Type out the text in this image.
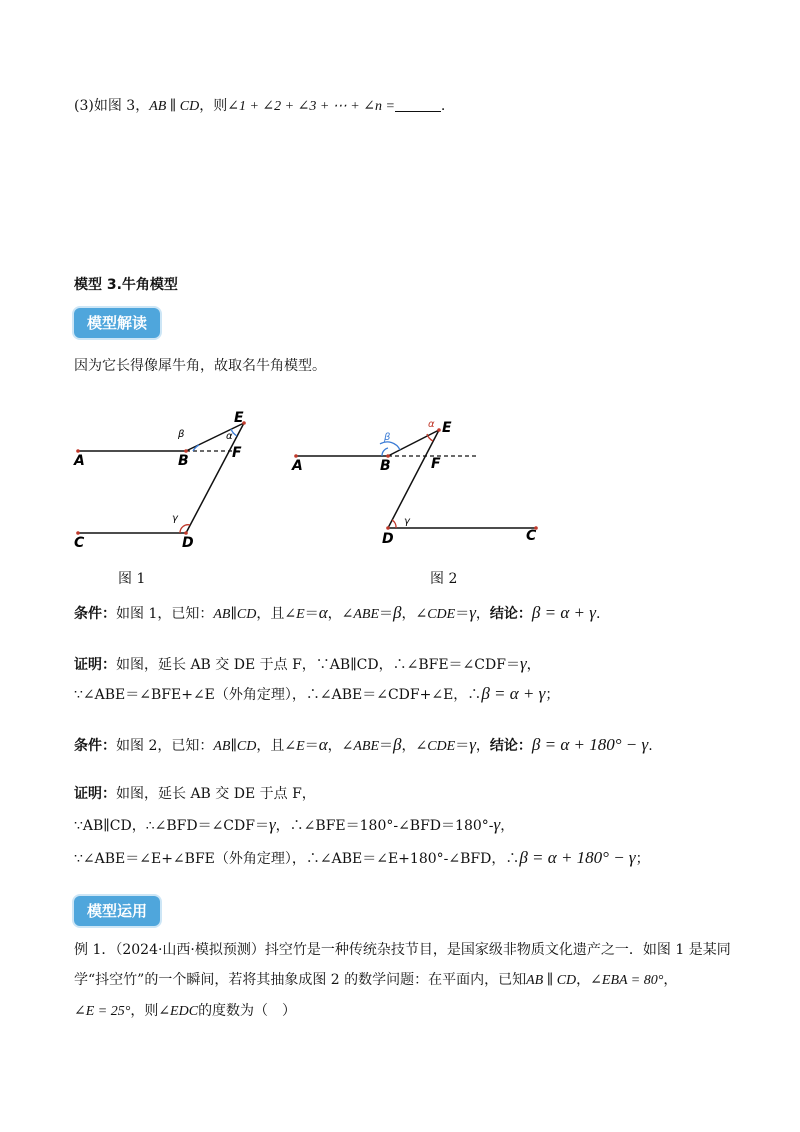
(3)如图 3，AB ∥ CD，则∠1 + ∠2 + ∠3 + ⋯ + ∠n =	.
模型 3.牛角模型
模型解读
因为它长得像犀牛角，故取名牛角模型。
A	B	F
E
β	α
γ
C	D
图 1
A	B	F
E
β
α
γ
D	C
图 2
条件：如图 1，已知：AB∥CD，且∠E＝α，∠ABE＝β，∠CDE＝γ，结论：β = α + γ.
证明：如图，延长 AB 交 DE 于点 F，∵AB∥CD，∴∠BFE＝∠CDF＝γ，
∵∠ABE＝∠BFE+∠E（外角定理），∴∠ABE＝∠CDF+∠E，∴β = α + γ；
条件：如图 2，已知：AB∥CD，且∠E＝α，∠ABE＝β，∠CDE＝γ，结论：β = α + 180° − γ.
证明：如图，延长 AB 交 DE 于点 F，
∵AB∥CD，∴∠BFD＝∠CDF＝γ，∴∠BFE＝180°-∠BFD＝180°-γ，
∵∠ABE＝∠E+∠BFE（外角定理），∴∠ABE＝∠E+180°-∠BFD，∴β = α + 180° − γ；
模型运用
例 1．（2024·山西·模拟预测）抖空竹是一种传统杂技节目，是国家级非物质文化遗产之一．如图 1 是某同
学“抖空竹”的一个瞬间，若将其抽象成图 2 的数学问题：在平面内，已知AB ∥ CD，∠EBA = 80°，
∠E = 25°，则∠EDC的度数为（　）
